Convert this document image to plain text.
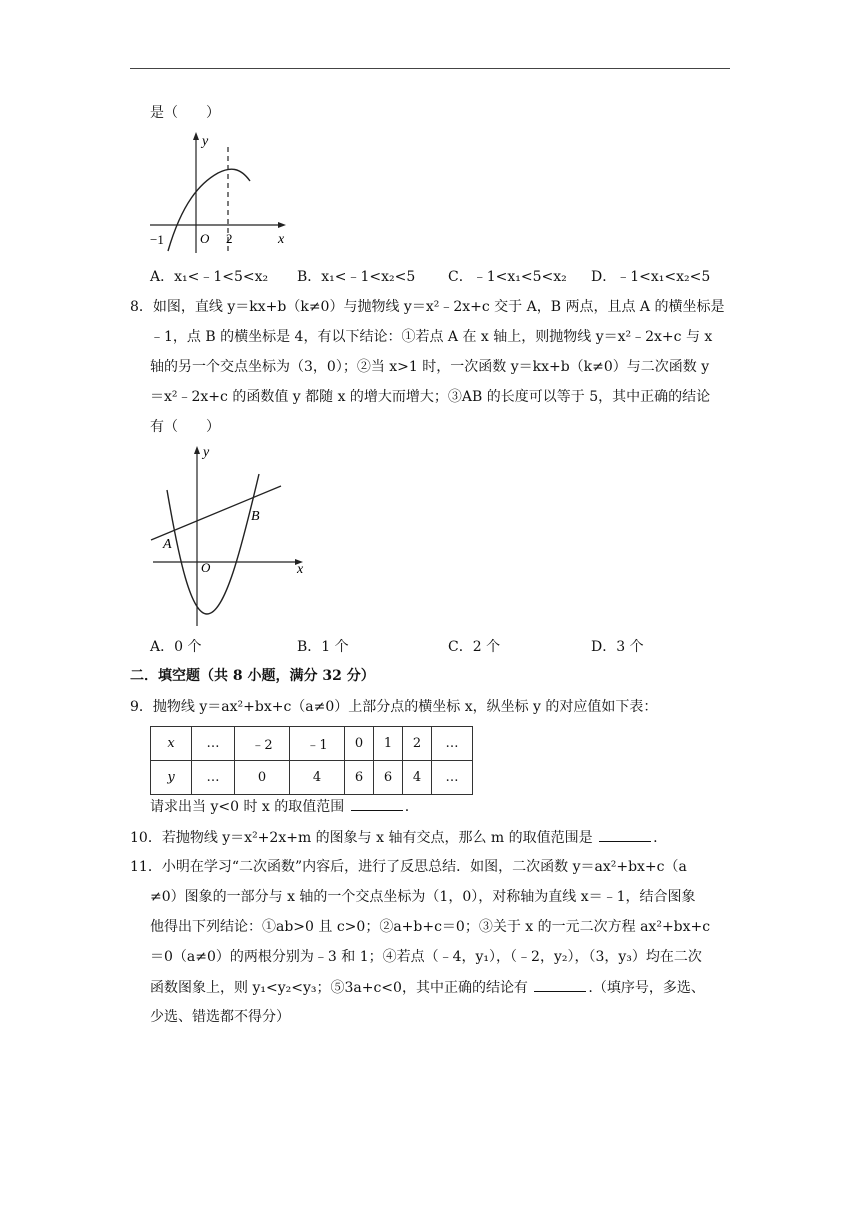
是（　　）
y
x
O
−1	2
A．x₁<﹣1<5<x₂ B．x₁<﹣1<x₂<5 C．﹣1<x₁<5<x₂ D．﹣1<x₁<x₂<5
8．如图，直线 y＝kx+b（k≠0）与抛物线 y＝x²﹣2x+c 交于 A，B 两点，且点 A 的横坐标是
﹣1，点 B 的横坐标是 4，有以下结论：①若点 A 在 x 轴上，则抛物线 y＝x²﹣2x+c 与 x
轴的另一个交点坐标为（3，0）；②当 x>1 时，一次函数 y＝kx+b（k≠0）与二次函数 y
＝x²﹣2x+c 的函数值 y 都随 x 的增大而增大；③AB 的长度可以等于 5，其中正确的结论
有（　　）
y
x
O
A
B
A．0 个	B．1 个	C．2 个	D．3 个
二．填空题（共 8 小题，满分 32 分）
9．抛物线 y＝ax²+bx+c（a≠0）上部分点的横坐标 x，纵坐标 y 的对应值如下表：
x	…	﹣2	﹣1	0	1	2	…
y	…	0	4	6	6	4	…
请求出当 y<0 时 x 的取值范围	.
10．若抛物线 y＝x²+2x+m 的图象与 x 轴有交点，那么 m 的取值范围是	.
11．小明在学习“二次函数”内容后，进行了反思总结．如图，二次函数 y＝ax²+bx+c（a
≠0）图象的一部分与 x 轴的一个交点坐标为（1，0），对称轴为直线 x＝﹣1，结合图象
他得出下列结论：①ab>0 且 c>0；②a+b+c＝0；③关于 x 的一元二次方程 ax²+bx+c
＝0（a≠0）的两根分别为﹣3 和 1；④若点（﹣4，y₁），（﹣2，y₂），（3，y₃）均在二次
函数图象上，则 y₁<y₂<y₃；⑤3a+c<0，其中正确的结论有	.（填序号，多选、
少选、错选都不得分）
